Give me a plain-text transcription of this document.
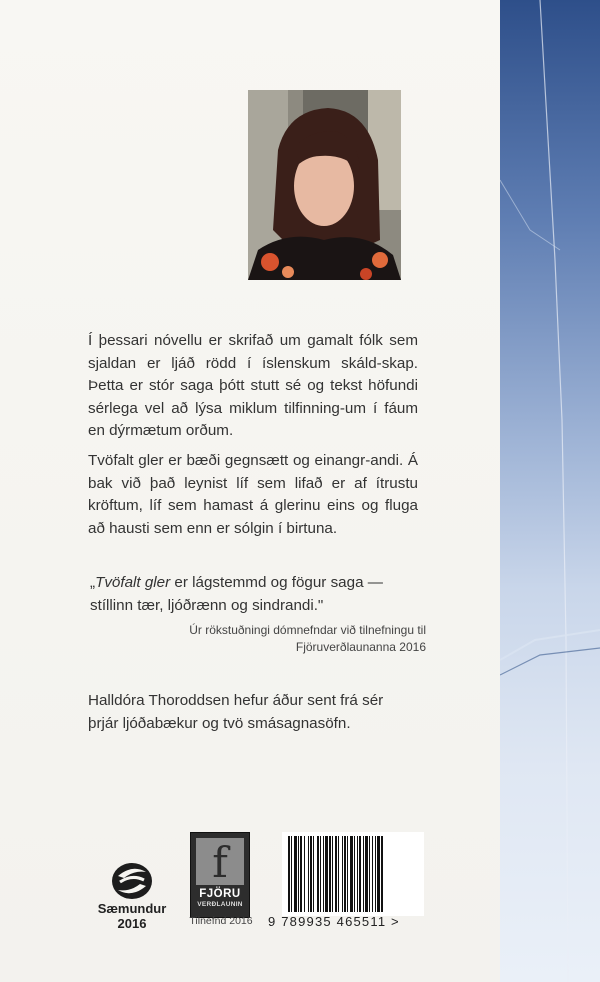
Í þessari nóvellu er skrifað um gamalt fólk sem sjaldan er ljáð rödd í íslenskum skáld-skap. Þetta er stór saga þótt stutt sé og tekst höfundi sérlega vel að lýsa miklum tilfinning-um í fáum en dýrmætum orðum.
Tvöfalt gler er bæði gegnsætt og einangr-andi. Á bak við það leynist líf sem lifað er af ítrustu kröftum, líf sem hamast á glerinu eins og fluga að hausti sem enn er sólgin í birtuna.
„Tvöfalt gler er lágstemmd og fögur saga — stíllinn tær, ljóðrænn og sindrandi."
Úr rökstuðningi dómnefndar við tilnefningu til
Fjöruverðlaunanna 2016
Halldóra Thoroddsen hefur áður sent frá sér
þrjár ljóðabækur og tvö smásagnasöfn.
Sæmundur
2016
f
FJÖRU
VERÐLAUNIN
Tilnefnd 2016	9 789935 465511 >
